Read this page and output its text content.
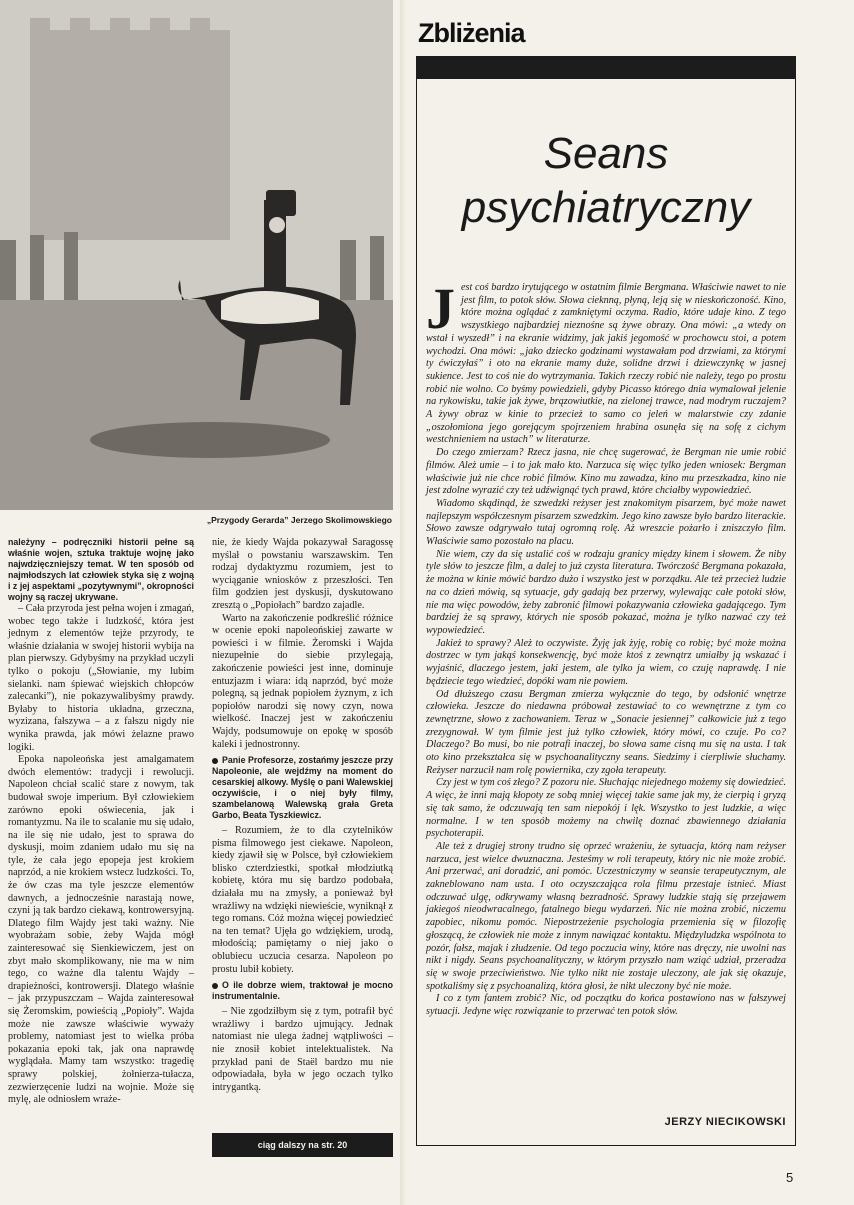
„Przygody Gerarda” Jerzego Skolimowskiego

należyny – podręczniki historii pełne są właśnie wojen, sztuka traktuje wojnę jako najwdzięczniejszy temat. W ten sposób od najmłodszych lat człowiek styka się z wojną i z jej aspektami „pozytywnymi”, okropności wojny są raczej ukrywane.

– Cała przyroda jest pełna wojen i zmagań, wobec tego także i ludzkość, która jest jednym z elementów tejże przyrody, te właśnie działania w swojej historii wybija na plan pierwszy. Gdybyśmy na przykład uczyli tylko o pokoju („Słowianie, my lubim sielanki. nam śpiewać wiejskich chłopców zalecanki”), nie pokazywalibyśmy prawdy. Byłaby to historia układna, grzeczna, wyzizana, fałszywa – a z fałszu nigdy nie wynika prawda, jak mówi żelazne prawo logiki.

Epoka napoleońska jest amalgamatem dwóch elementów: tradycji i rewolucji. Napoleon chciał scalić stare z nowym, tak budował swoje imperium. Był człowiekiem zarówno epoki oświecenia, jak i romantyzmu. Na ile to scalanie mu się udało, na ile się nie udało, jest to sprawa do dyskusji, moim zdaniem udało mu się na tyle, że cała jego epopeja jest krokiem naprzód, a nie krokiem wstecz ludzkości. To, że ów czas ma tyle jeszcze elementów dawnych, a jednocześnie narastają nowe, czyni ją tak bardzo ciekawą, kontrowersyjną. Dlatego film Wajdy jest taki ważny. Nie wyobrażam sobie, żeby Wajda mógł zainteresować się Sienkiewiczem, jest on zbyt mało skomplikowany, nie ma w nim tego, co ważne dla talentu Wajdy – drapieżności, kontrowersji. Dlatego właśnie – jak przypuszczam – Wajda zainteresował się Żeromskim, powieścią „Popioły”. Wajda może nie zawsze właściwie wyważy problemy, natomiast jest to wielka próba pokazania epoki tak, jak ona naprawdę wyglądała. Mamy tam wszystko: tragedię sprawy polskiej, żołnierza-tułacza, zezwierzęcenie ludzi na wojnie. Może się mylę, ale odniosłem wraże-

nie, że kiedy Wajda pokazywał Saragossę myślał o powstaniu warszawskim. Ten rodzaj dydaktyzmu rozumiem, jest to wyciąganie wniosków z przeszłości. Ten film godzien jest dyskusji, dyskutowano zresztą o „Popiołach” bardzo zajadle.

Warto na zakończenie podkreślić różnice w ocenie epoki napoleońskiej zawarte w powieści i w filmie. Żeromski i Wajda niezupełnie do siebie przylegają, zakończenie powieści jest inne, dominuje entuzjazm i wiara: idą naprzód, być może polegną, są jednak popiołem żyznym, z ich popiołów narodzi się nowy czyn, nowa wielkość. Inaczej jest w zakończeniu Wajdy, podsumowuje on epokę w sposób kaleki i jednostronny.

Panie Profesorze, zostańmy jeszcze przy Napoleonie, ale wejdźmy na moment do cesarskiej alkowy. Myślę o pani Walewskiej oczywiście, i o niej były filmy, szambelanową Walewską grała Greta Garbo, Beata Tyszkiewicz.

– Rozumiem, że to dla czytelników pisma filmowego jest ciekawe. Napoleon, kiedy zjawił się w Polsce, był człowiekiem blisko czterdziestki, spotkał młodziutką kobietę, która mu się bardzo podobała, działała mu na zmysły, a ponieważ był wrażliwy na wdzięki niewieście, wyniknął z tego romans. Cóż można więcej powiedzieć na ten temat? Ujęła go wdziękiem, urodą, młodością; pamiętamy o niej jako o oblubiecu uczucia cesarza. Napoleon po prostu lubił kobiety.

O ile dobrze wiem, traktował je mocno instrumentalnie.

– Nie zgodziłbym się z tym, potrafił być wrażliwy i bardzo ujmujący. Jednak natomiast nie ulega żadnej wątpliwości – nie znosił kobiet intelektualistek. Na przykład pani de Staël bardzo mu nie odpowiadała, była w jego oczach tylko intrygantką.

ciąg dalszy na str. 20
Zbliżenia
Seans
psychiatryczny

Jest coś bardzo irytującego w ostatnim filmie Bergmana. Właściwie nawet to nie jest film, to potok słów. Słowa cieknną, płyną, leją się w nieskończoność. Kino, które można oglądać z zamkniętymi oczyma. Radio, które udaje kino. Z tego wszystkiego najbardziej nieznośne są żywe obrazy. Ona mówi: „a wtedy on wstał i wyszedł” i na ekranie widzimy, jak jakiś jegomość w prochowcu stoi, a potem wychodzi. Ona mówi: „jako dziecko godzinami wystawałam pod drzwiami, za którymi ty ćwiczyłaś” i oto na ekranie mamy duże, solidne drzwi i dziewczynkę w jasnej sukience. Jest to coś nie do wytrzymania. Takich rzeczy robić nie należy, tego po prostu robić nie wolno. Co byśmy powiedzieli, gdyby Picasso którego dnia wymalował jelenie na rykowisku, takie jak żywe, brązowiutkie, na zielonej trawce, nad modrym ruczajem? A żywy obraz w kinie to przecież to samo co jeleń w malarstwie czy zdanie „oszołomiona jego gorejącym spojrzeniem hrabina osunęła się na sofę z cichym westchnieniem na ustach” w literaturze.

Do czego zmierzam? Rzecz jasna, nie chcę sugerować, że Bergman nie umie robić filmów. Ależ umie – i to jak mało kto. Narzuca się więc tylko jeden wniosek: Bergman właściwie już nie chce robić filmów. Kino mu zawadza, kino mu przeszkadza, kino nie jest zdolne wyrazić czy też udźwignąć tych prawd, które chciałby wypowiedzieć.

Wiadomo skądinąd, że szwedzki reżyser jest znakomitym pisarzem, być może nawet najlepszym współczesnym pisarzem szwedzkim. Jego kino zawsze było bardzo literackie. Słowo zawsze odgrywało tutaj ogromną rolę. Aż wreszcie pożarło i zniszczyło film. Właściwie samo pozostało na placu.

Nie wiem, czy da się ustalić coś w rodzaju granicy między kinem i słowem. Że niby tyle słów to jeszcze film, a dalej to już czysta literatura. Twórczość Bergmana pokazała, że można w kinie mówić bardzo dużo i wszystko jest w porządku. Ale też przecież ludzie na co dzień mówią, są sytuacje, gdy gadają bez przerwy, wylewając całe potoki słów, nie ma więc powodów, żeby zabronić filmowi pokazywania człowieka gadającego. Tym bardziej że są sprawy, których nie sposób pokazać, można je tylko nazwać czy też wypowiedzieć.

Jakież to sprawy? Ależ to oczywiste. Żyję jak żyję, robię co robię; być może można dostrzec w tym jakąś konsekwencję, być może ktoś z zewnątrz umiałby ją wskazać i wyjaśnić, dlaczego jestem, jaki jestem, ale tylko ja wiem, co czuję naprawdę. I nie będziecie tego wiedzieć, dopóki wam nie powiem.

Od dłuższego czasu Bergman zmierza wyłącznie do tego, by odsłonić wnętrze człowieka. Jeszcze do niedawna próbował zestawiać to co wewnętrzne z tym co zewnętrzne, słowo z zachowaniem. Teraz w „Sonacie jesiennej” całkowicie już z tego zrezygnował. W tym filmie jest już tylko człowiek, który mówi, co czuje. Po co? Dlaczego? Bo musi, bo nie potrafi inaczej, bo słowa same cisną mu się na usta. I tak oto kino przekształca się w psychoanalityczny seans. Siedzimy i cierpliwie słuchamy. Reżyser narzucił nam rolę powiernika, czy zgoła terapeuty.

Czy jest w tym coś złego? Z pozoru nie. Słuchając niejednego możemy się dowiedzieć. A więc, że inni mają kłopoty ze sobą mniej więcej takie same jak my, że cierpią i gryzą się tak samo, że odczuwają ten sam niepokój i lęk. Wszystko to jest ludzkie, a więc normalne. I w ten sposób możemy na chwilę doznać zbawiennego działania psychoterapii.

Ale też z drugiej strony trudno się oprzeć wrażeniu, że sytuacja, którą nam reżyser narzuca, jest wielce dwuznaczna. Jesteśmy w roli terapeuty, który nic nie może zrobić. Ani przerwać, ani doradzić, ani pomóc. Uczestniczymy w seansie terapeutycznym, ale zakneblowano nam usta. I oto oczyszczająca rola filmu przestaje istnieć. Miast odczuwać ulgę, odkrywamy własną bezradność. Sprawy ludzkie stają się przejawem jakiegoś nieodwracalnego, fatalnego biegu wydarzeń. Nic nie można zrobić, niczemu zapobiec, nikomu pomóc. Niepostrzeżenie psychologia przemienia się w filozofię głoszącą, że człowiek nie może z innym nawiązać kontaktu. Międzyludzka wspólnota to pozór, fałsz, majak i złudzenie. Od tego poczucia winy, które nas dręczy, nie uwolni nas nikt i nigdy. Seans psychoanalityczny, w którym przyszło nam wziąć udział, przeradza się w swoje przeciwieństwo. Nie tylko nikt nie zostaje uleczony, ale jak się okazuje, spotkaliśmy się z psychoanalizą, która głosi, że nikt uleczony być nie może.

I co z tym fantem zrobić? Nic, od początku do końca postawiono nas w fałszywej sytuacji. Jedyne więc rozwiązanie to przerwać ten potok słów.

JERZY NIECIKOWSKI
5
